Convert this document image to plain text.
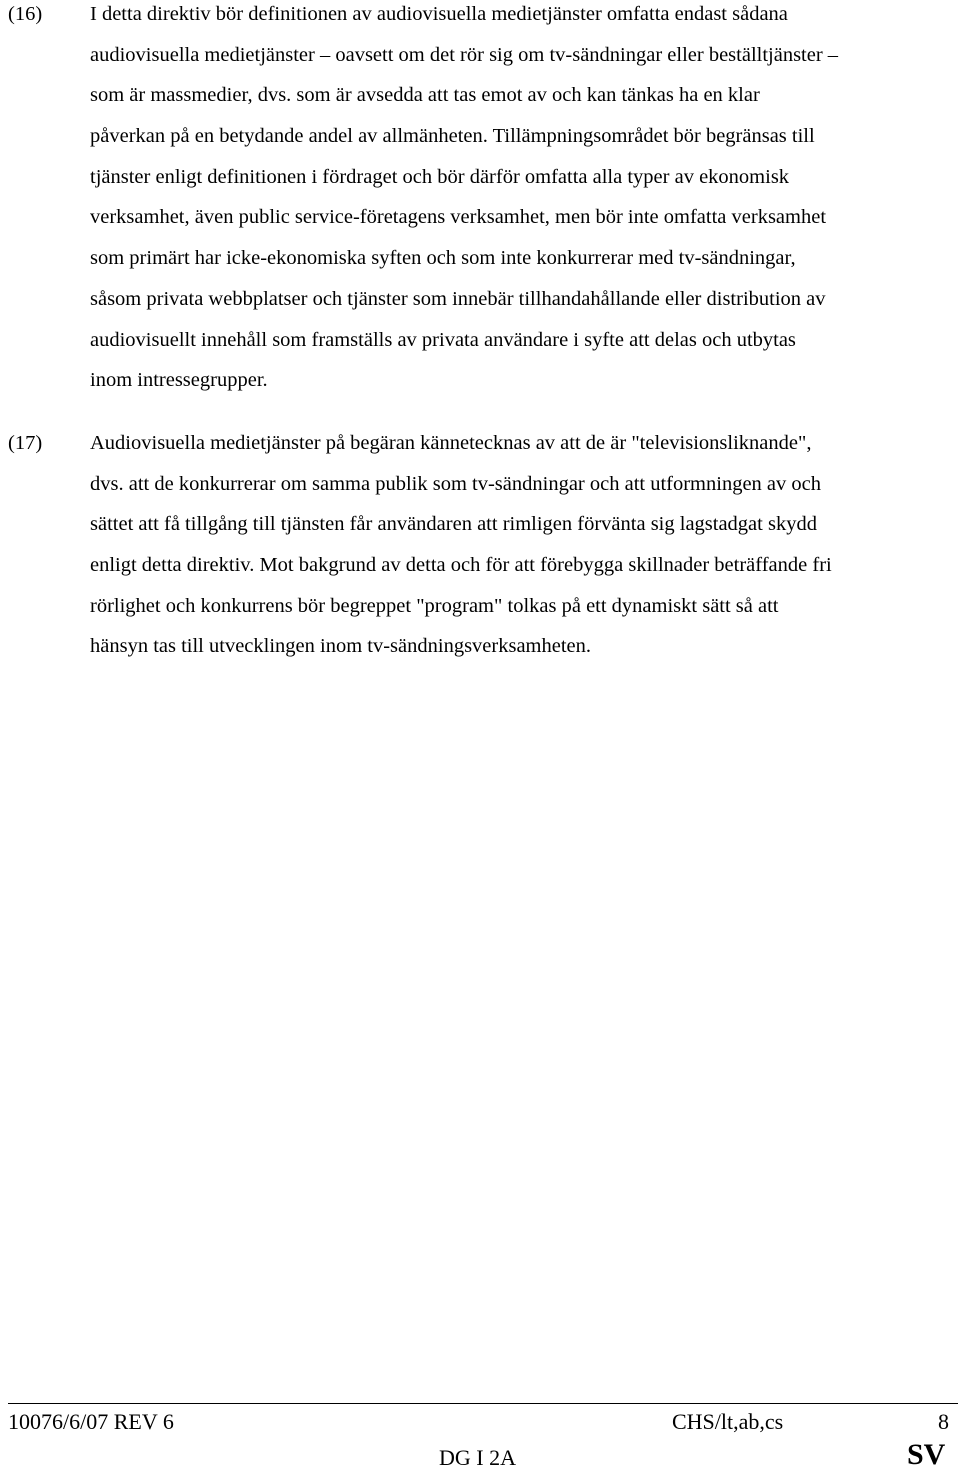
(16) I detta direktiv bör definitionen av audiovisuella medietjänster omfatta endast sådana
audiovisuella medietjänster – oavsett om det rör sig om tv-sändningar eller beställtjänster –
som är massmedier, dvs. som är avsedda att tas emot av och kan tänkas ha en klar
påverkan på en betydande andel av allmänheten. Tillämpningsområdet bör begränsas till
tjänster enligt definitionen i fördraget och bör därför omfatta alla typer av ekonomisk
verksamhet, även public service-företagens verksamhet, men bör inte omfatta verksamhet
som primärt har icke-ekonomiska syften och som inte konkurrerar med tv-sändningar,
såsom privata webbplatser och tjänster som innebär tillhandahållande eller distribution av
audiovisuellt innehåll som framställs av privata användare i syfte att delas och utbytas
inom intressegrupper.
(17) Audiovisuella medietjänster på begäran kännetecknas av att de är "televisionsliknande",
dvs. att de konkurrerar om samma publik som tv-sändningar och att utformningen av och
sättet att få tillgång till tjänsten får användaren att rimligen förvänta sig lagstadgat skydd
enligt detta direktiv. Mot bakgrund av detta och för att förebygga skillnader beträffande fri
rörlighet och konkurrens bör begreppet "program" tolkas på ett dynamiskt sätt så att
hänsyn tas till utvecklingen inom tv-sändningsverksamheten.
10076/6/07 REV 6	CHS/lt,ab,cs	8
DG I 2A	SV
